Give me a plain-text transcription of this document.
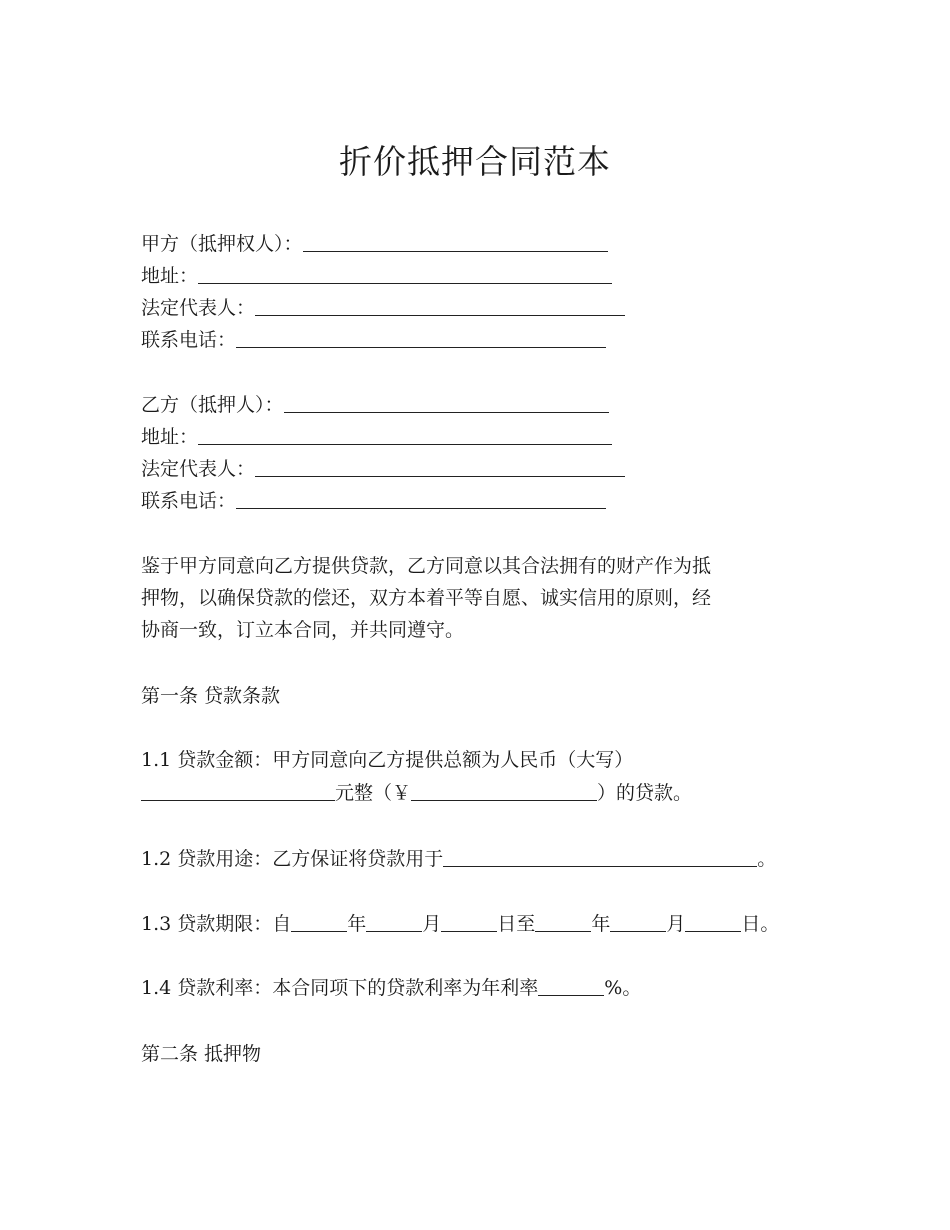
折价抵押合同范本
甲方（抵押权人）：
地址：
法定代表人：
联系电话：
乙方（抵押人）：
地址：
法定代表人：
联系电话：
鉴于甲方同意向乙方提供贷款，乙方同意以其合法拥有的财产作为抵
押物，以确保贷款的偿还，双方本着平等自愿、诚实信用的原则，经
协商一致，订立本合同，并共同遵守。
第一条 贷款条款
1.1 贷款金额：甲方同意向乙方提供总额为人民币（大写）
元整（￥	）的贷款。
1.2 贷款用途：乙方保证将贷款用于	。
1.3 贷款期限：自	年	月	日至	年	月	日。
1.4 贷款利率：本合同项下的贷款利率为年利率	%。
第二条 抵押物
